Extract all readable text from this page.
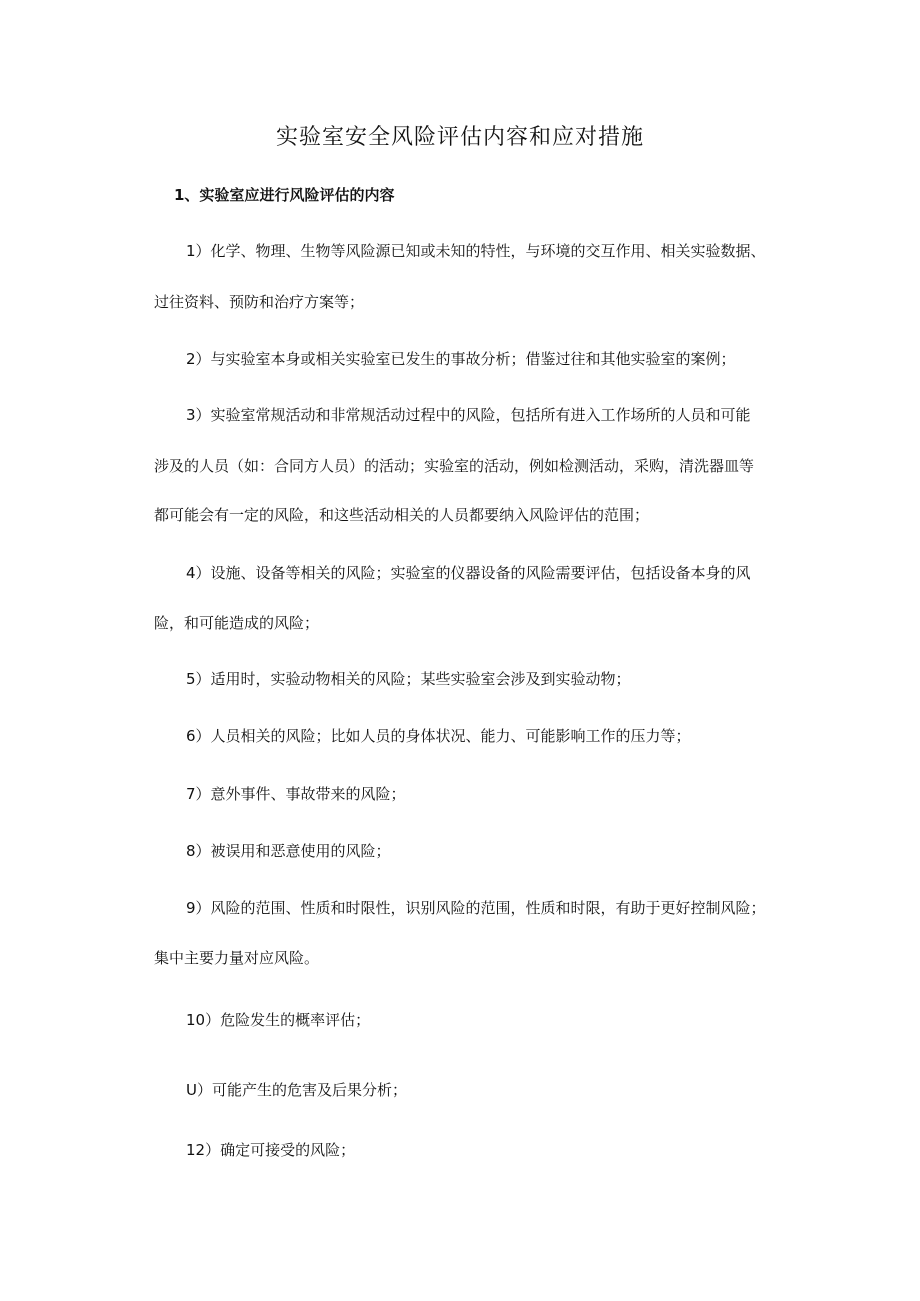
实验室安全风险评估内容和应对措施
1、实验室应进行风险评估的内容
1）化学、物理、生物等风险源已知或未知的特性，与环境的交互作用、相关实验数据、
过往资料、预防和治疗方案等；
2）与实验室本身或相关实验室已发生的事故分析；借鉴过往和其他实验室的案例；
3）实验室常规活动和非常规活动过程中的风险，包括所有进入工作场所的人员和可能
涉及的人员（如：合同方人员）的活动；实验室的活动，例如检测活动，采购，清洗器皿等
都可能会有一定的风险，和这些活动相关的人员都要纳入风险评估的范围；
4）设施、设备等相关的风险；实验室的仪器设备的风险需要评估，包括设备本身的风
险，和可能造成的风险；
5）适用时，实验动物相关的风险；某些实验室会涉及到实验动物；
6）人员相关的风险；比如人员的身体状况、能力、可能影响工作的压力等；
7）意外事件、事故带来的风险；
8）被误用和恶意使用的风险；
9）风险的范围、性质和时限性，识别风险的范围，性质和时限，有助于更好控制风险；
集中主要力量对应风险。
10）危险发生的概率评估；
U）可能产生的危害及后果分析；
12）确定可接受的风险；
